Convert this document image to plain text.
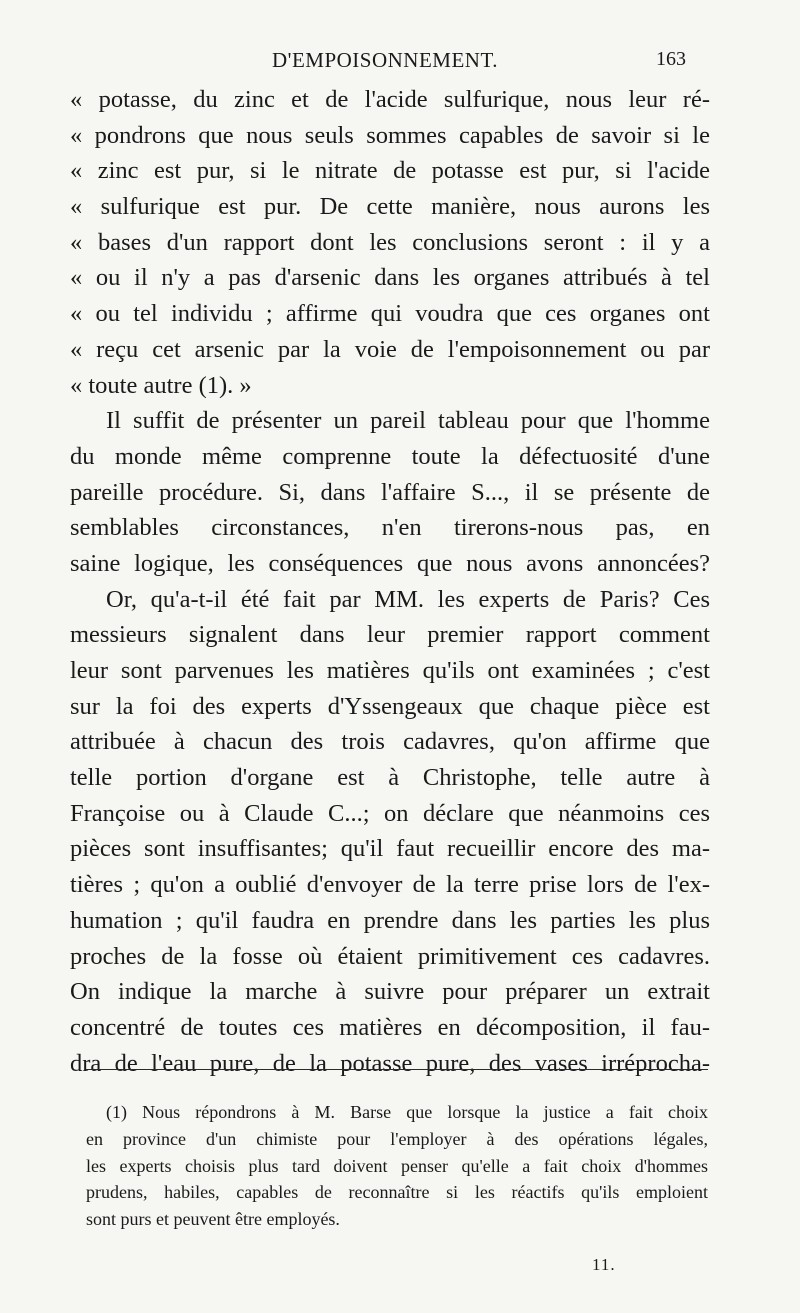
D'EMPOISONNEMENT.	163
« potasse, du zinc et de l'acide sulfurique, nous leur ré-
« pondrons que nous seuls sommes capables de savoir si le
« zinc est pur, si le nitrate de potasse est pur, si l'acide
« sulfurique est pur. De cette manière, nous aurons les
« bases d'un rapport dont les conclusions seront : il y a
« ou il n'y a pas d'arsenic dans les organes attribués à tel
« ou tel individu ; affirme qui voudra que ces organes ont
« reçu cet arsenic par la voie de l'empoisonnement ou par
« toute autre (1). »
Il suffit de présenter un pareil tableau pour que l'homme
du monde même comprenne toute la défectuosité d'une
pareille procédure. Si, dans l'affaire S..., il se présente de
semblables circonstances, n'en tirerons-nous pas, en
saine logique, les conséquences que nous avons annoncées?
Or, qu'a-t-il été fait par MM. les experts de Paris? Ces
messieurs signalent dans leur premier rapport comment
leur sont parvenues les matières qu'ils ont examinées ; c'est
sur la foi des experts d'Yssengeaux que chaque pièce est
attribuée à chacun des trois cadavres, qu'on affirme que
telle portion d'organe est à Christophe, telle autre à
Françoise ou à Claude C...; on déclare que néanmoins ces
pièces sont insuffisantes; qu'il faut recueillir encore des ma-
tières ; qu'on a oublié d'envoyer de la terre prise lors de l'ex-
humation ; qu'il faudra en prendre dans les parties les plus
proches de la fosse où étaient primitivement ces cadavres.
On indique la marche à suivre pour préparer un extrait
concentré de toutes ces matières en décomposition, il fau-
dra de l'eau pure, de la potasse pure, des vases irréprocha-
(1) Nous répondrons à M. Barse que lorsque la justice a fait choix
en province d'un chimiste pour l'employer à des opérations légales,
les experts choisis plus tard doivent penser qu'elle a fait choix d'hommes
prudens, habiles, capables de reconnaître si les réactifs qu'ils emploient
sont purs et peuvent être employés.
11.
